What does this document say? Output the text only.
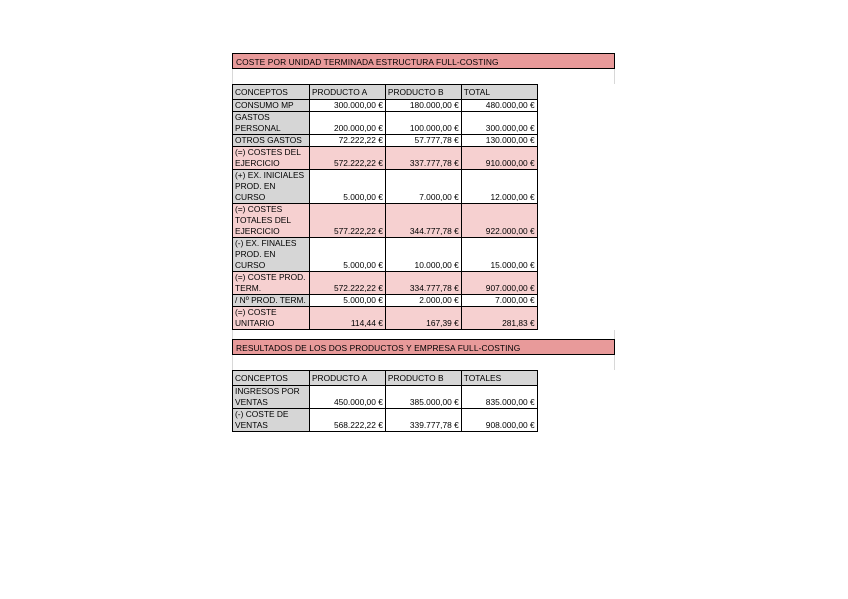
COSTE POR UNIDAD TERMINADA ESTRUCTURA FULL-COSTING
CONCEPTOS	PRODUCTO A	PRODUCTO B	TOTAL	
CONSUMO MP	300.000,00 €	180.000,00 €	480.000,00 €	
GASTOS PERSONAL	200.000,00 €	100.000,00 €	300.000,00 €	
OTROS GASTOS	72.222,22 €	57.777,78 €	130.000,00 €	
(=) COSTES DEL EJERCICIO	572.222,22 €	337.777,78 €	910.000,00 €	
(+) EX. INICIALES PROD. EN CURSO	5.000,00 €	7.000,00 €	12.000,00 €	
(=) COSTES TOTALES DEL EJERCICIO	577.222,22 €	344.777,78 €	922.000,00 €	
(-) EX. FINALES PROD. EN CURSO	5.000,00 €	10.000,00 €	15.000,00 €	
(=) COSTE PROD. TERM.	572.222,22 €	334.777,78 €	907.000,00 €	
/ Nº PROD. TERM.	5.000,00 €	2.000,00 €	7.000,00 €	
(=) COSTE UNITARIO	114,44 €	167,39 €	281,83 €	
RESULTADOS DE LOS DOS PRODUCTOS Y EMPRESA FULL-COSTING
CONCEPTOS	PRODUCTO A	PRODUCTO B	TOTALES	
INGRESOS POR VENTAS	450.000,00 €	385.000,00 €	835.000,00 €	
(-) COSTE DE VENTAS	568.222,22 €	339.777,78 €	908.000,00 €	
